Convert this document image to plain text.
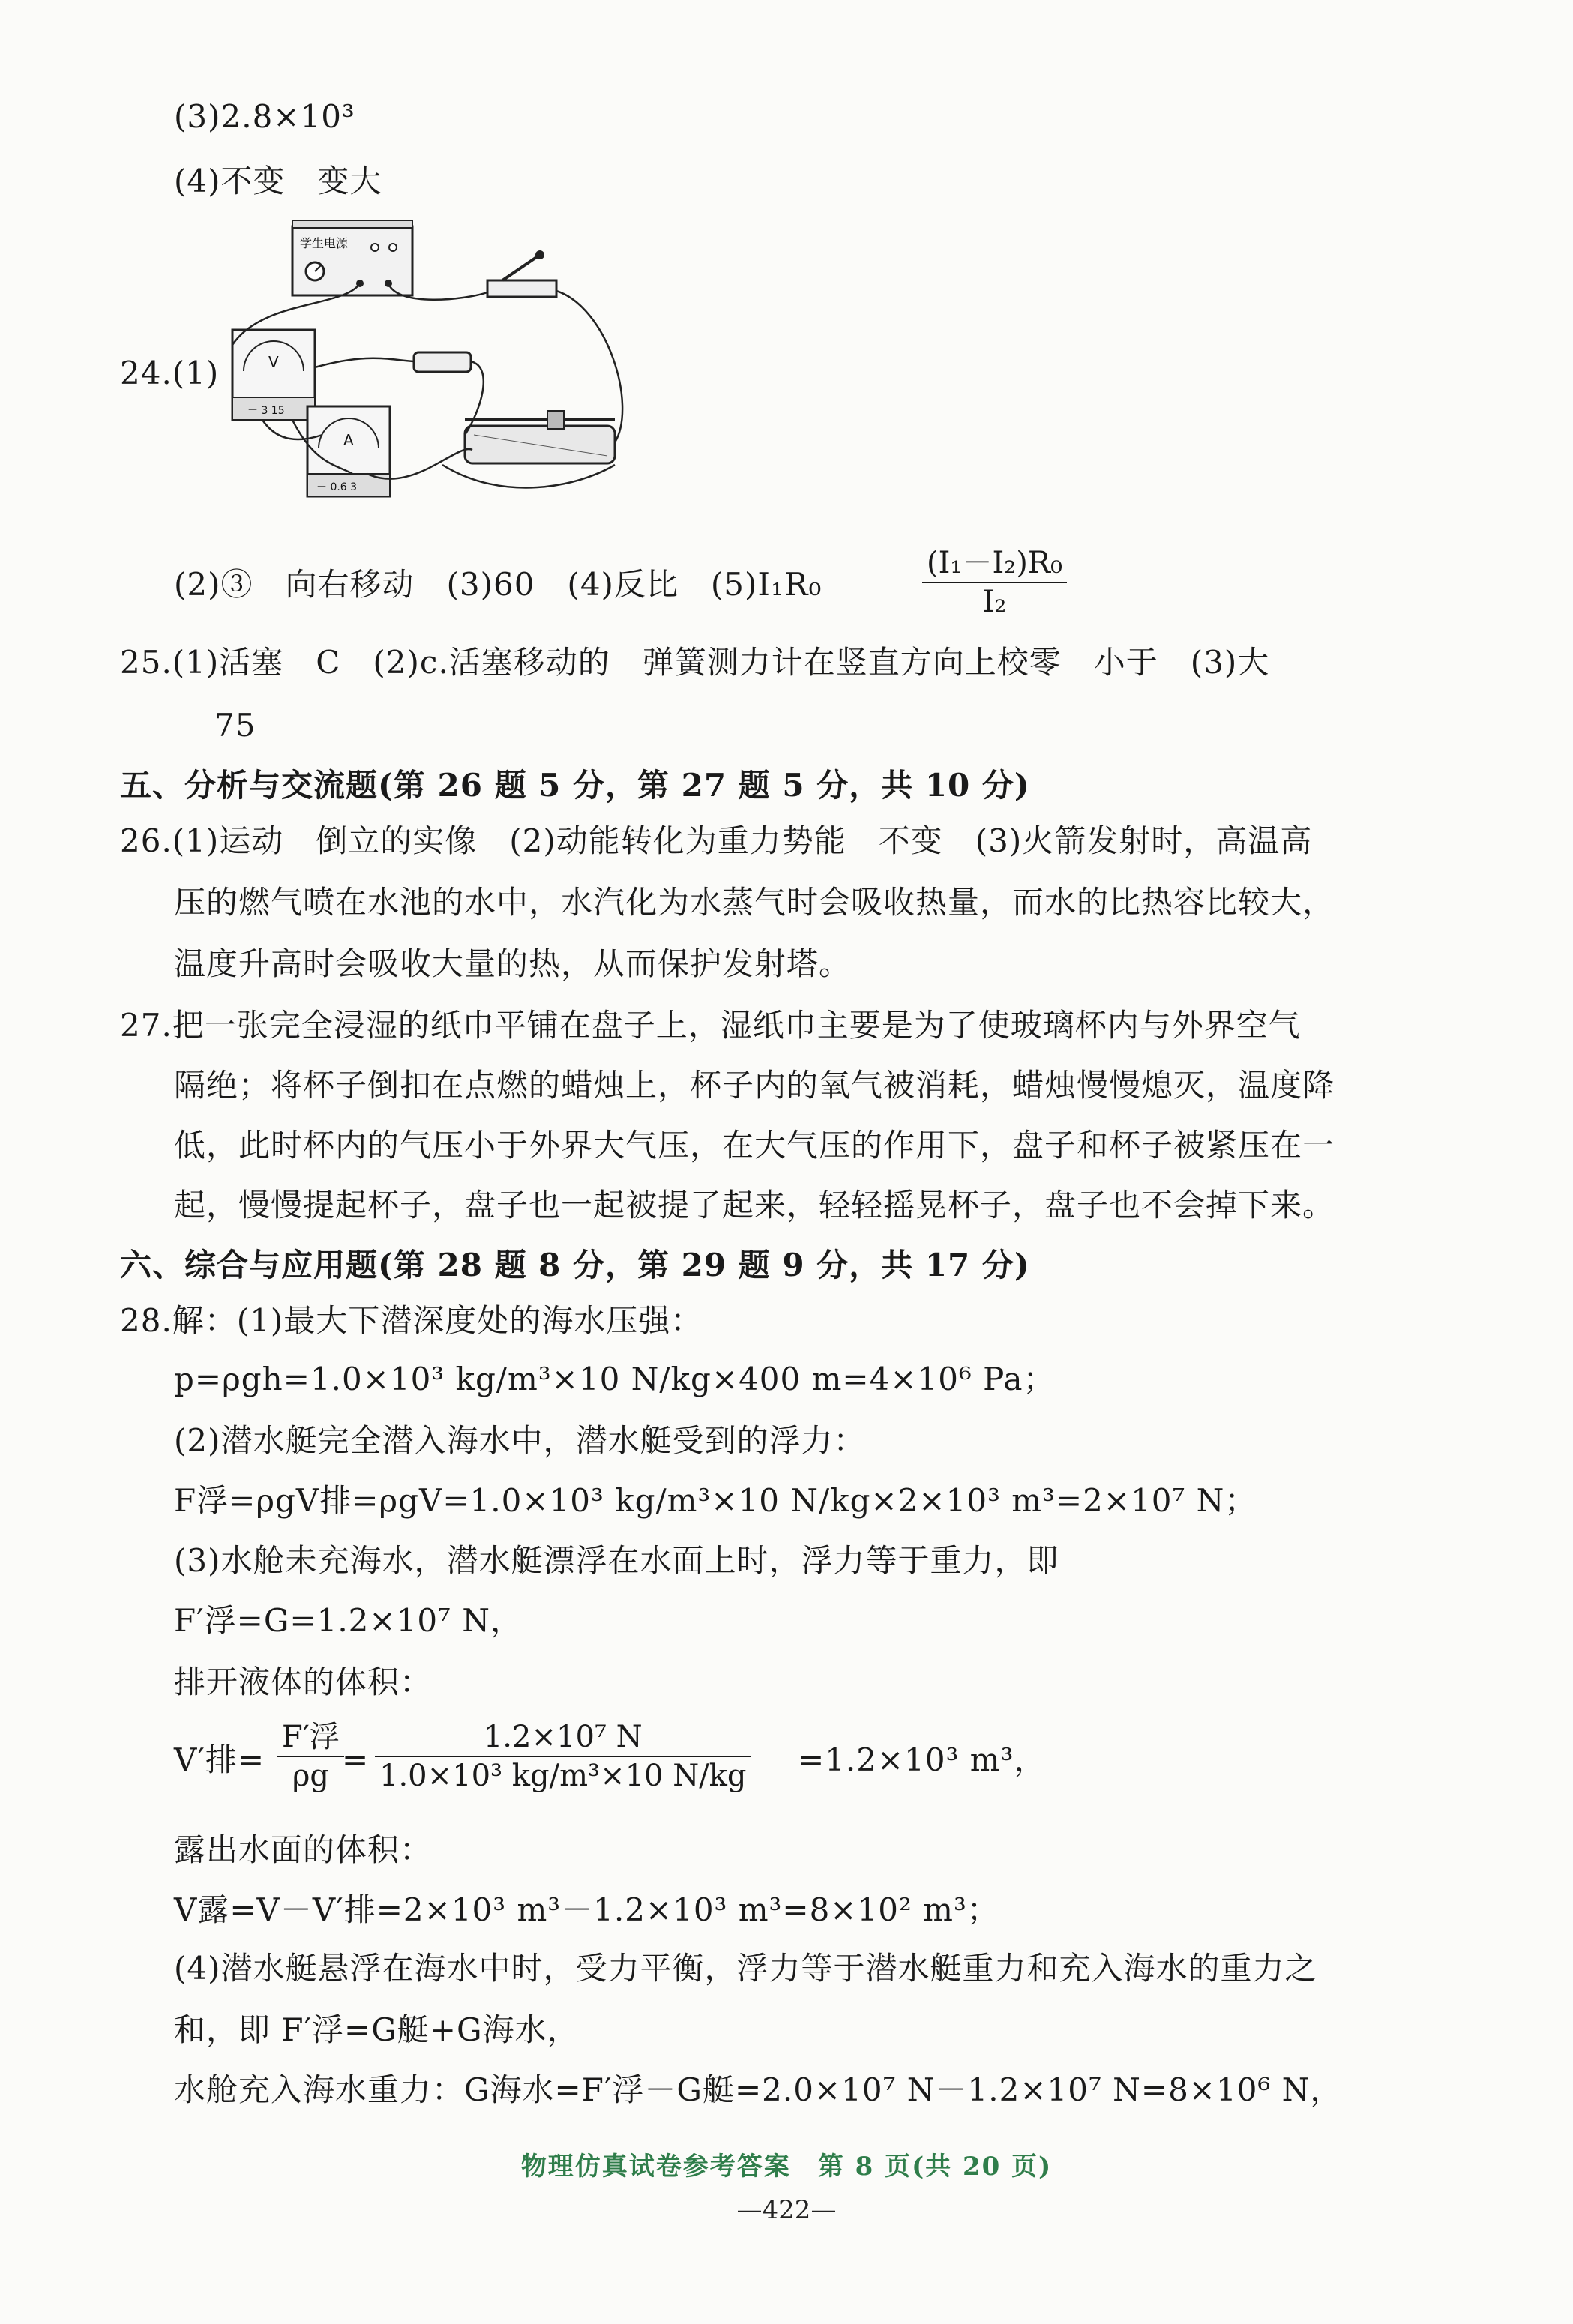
(3)2.8×10³
(4)不变　变大
学生电源
V
－ 3 15
A
－ 0.6 3
24.(1)
(2)③　向右移动　(3)60　(4)反比　(5)I₁R₀	$\frac{\text{(I₁－I₂)R₀}}{\text{I₂}}$
25.(1)活塞　C　(2)c.活塞移动的　弹簧测力计在竖直方向上校零　小于　(3)大
75
五、分析与交流题(第 26 题 5 分，第 27 题 5 分，共 10 分)
26.(1)运动　倒立的实像　(2)动能转化为重力势能　不变　(3)火箭发射时，高温高
压的燃气喷在水池的水中，水汽化为水蒸气时会吸收热量，而水的比热容比较大，
温度升高时会吸收大量的热，从而保护发射塔。
27.把一张完全浸湿的纸巾平铺在盘子上，湿纸巾主要是为了使玻璃杯内与外界空气
隔绝；将杯子倒扣在点燃的蜡烛上，杯子内的氧气被消耗，蜡烛慢慢熄灭，温度降
低，此时杯内的气压小于外界大气压，在大气压的作用下，盘子和杯子被紧压在一
起，慢慢提起杯子，盘子也一起被提了起来，轻轻摇晃杯子，盘子也不会掉下来。
六、综合与应用题(第 28 题 8 分，第 29 题 9 分，共 17 分)
28.解：(1)最大下潜深度处的海水压强：
p=ρgh=1.0×10³ kg/m³×10 N/kg×400 m=4×10⁶ Pa；
(2)潜水艇完全潜入海水中，潜水艇受到的浮力：
F浮=ρgV排=ρgV=1.0×10³ kg/m³×10 N/kg×2×10³ m³=2×10⁷ N；
(3)水舱未充海水，潜水艇漂浮在水面上时，浮力等于重力，即
F′浮=G=1.2×10⁷ N，
排开液体的体积：
V′排=
F′浮
$\rho g = \frac{\text{1.2×10⁷ N}}{\text{1.0×10³ kg/m³×10 N/kg}} =1.2\times 10^3$ m³，
露出水面的体积：
V露=V－V′排=2×10³ m³－1.2×10³ m³=8×10² m³；
(4)潜水艇悬浮在海水中时，受力平衡，浮力等于潜水艇重力和充入海水的重力之
和，即 F′浮=G艇+G海水，
水舱充入海水重力：G海水=F′浮－G艇=2.0×10⁷ N－1.2×10⁷ N=8×10⁶ N，
物理仿真试卷参考答案　第 8 页(共 20 页)
—422—
